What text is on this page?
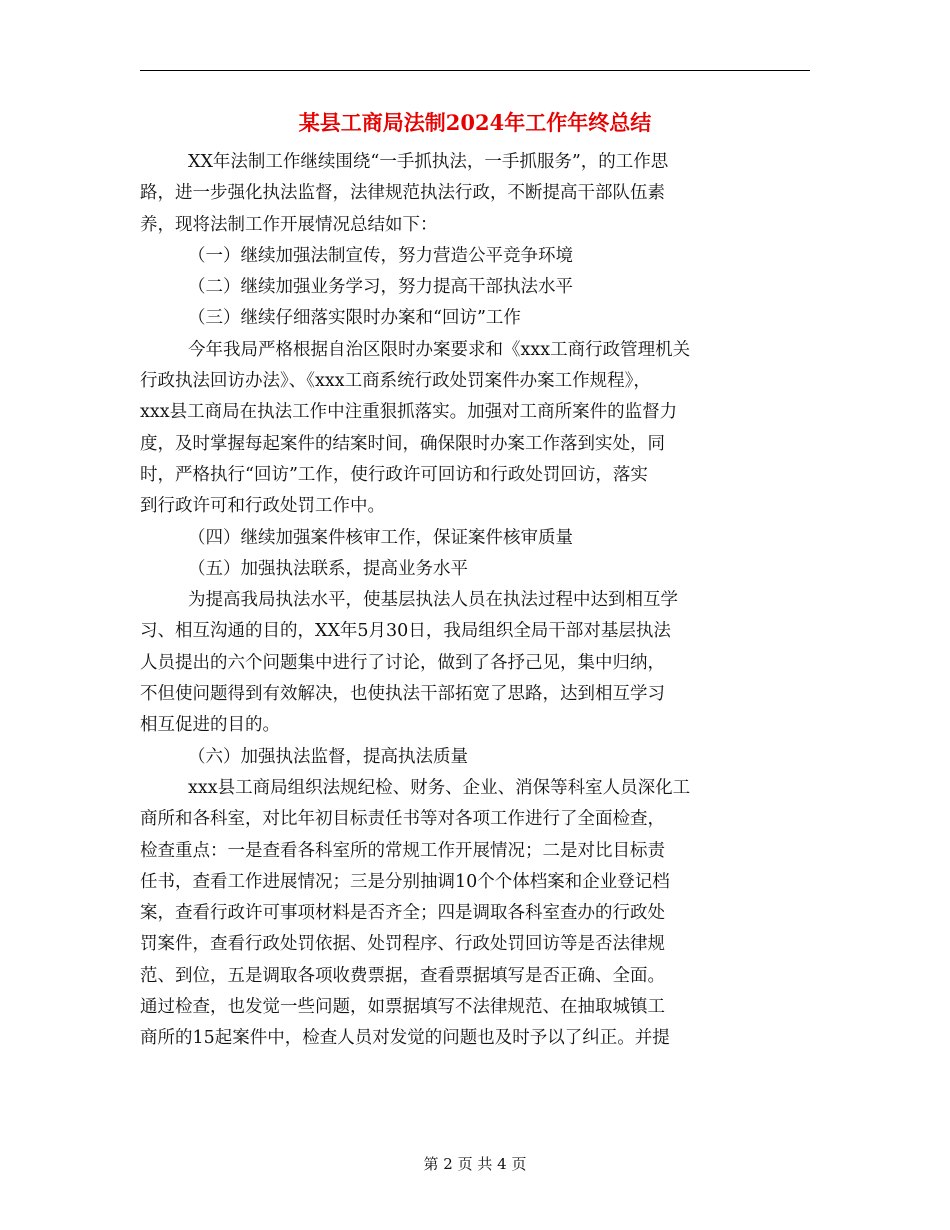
某县工商局法制2024年工作年终总结
XX年法制工作继续围绕“一手抓执法，一手抓服务”，的工作思
路，进一步强化执法监督，法律规范执法行政，不断提高干部队伍素
养，现将法制工作开展情况总结如下：
（一）继续加强法制宣传，努力营造公平竞争环境
（二）继续加强业务学习，努力提高干部执法水平
（三）继续仔细落实限时办案和“回访”工作
今年我局严格根据自治区限时办案要求和《xxx工商行政管理机关
行政执法回访办法》、《xxx工商系统行政处罚案件办案工作规程》，
xxx县工商局在执法工作中注重狠抓落实。加强对工商所案件的监督力
度，及时掌握每起案件的结案时间，确保限时办案工作落到实处，同
时，严格执行“回访”工作，使行政许可回访和行政处罚回访，落实
到行政许可和行政处罚工作中。
（四）继续加强案件核审工作，保证案件核审质量
（五）加强执法联系，提高业务水平
为提高我局执法水平，使基层执法人员在执法过程中达到相互学
习、相互沟通的目的，XX年5月30日，我局组织全局干部对基层执法
人员提出的六个问题集中进行了讨论，做到了各抒己见，集中归纳，
不但使问题得到有效解决，也使执法干部拓宽了思路，达到相互学习
相互促进的目的。
（六）加强执法监督，提高执法质量
xxx县工商局组织法规纪检、财务、企业、消保等科室人员深化工
商所和各科室，对比年初目标责任书等对各项工作进行了全面检查，
检查重点：一是查看各科室所的常规工作开展情况；二是对比目标责
任书，查看工作进展情况；三是分别抽调10个个体档案和企业登记档
案，查看行政许可事项材料是否齐全；四是调取各科室查办的行政处
罚案件，查看行政处罚依据、处罚程序、行政处罚回访等是否法律规
范、到位，五是调取各项收费票据，查看票据填写是否正确、全面。
通过检查，也发觉一些问题，如票据填写不法律规范、在抽取城镇工
商所的15起案件中，检查人员对发觉的问题也及时予以了纠正。并提
第 2 页 共 4 页
